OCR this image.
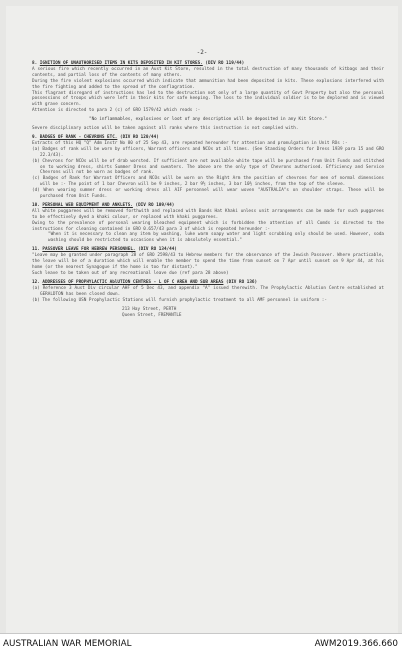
-2-
8. IGNITION OF UNAUTHORISED ITEMS IN KITS DEPOSITED IN KIT STORES. (DIV RO 119/44)

A serious fire which recently occurred in an Aust Kit Store, resulted in the total destruction of many thousands of kitbags and their contents, and partial loss of the contents of many others.

During the fire violent explosions occurred which indicate that ammunition had been deposited in kits. These explosions interfered with the fire fighting and added to the spread of the conflagration.

This flagrant disregard of instructions has led to the destruction not only of a large quantity of Govt Property but also the personal possessions of troops which were left in their kits for safe keeping. The loss to the individual soldier is to be deplored and is viewed with grave concern.

Attention is directed to para 2 (c) of GRO 1579/42 which reads :-

"No inflammables, explosives or loot of any description will be deposited in any Kit Store."

Severe disciplinary action will be taken against all ranks where this instruction is not complied with.

9. BADGES OF RANK - CHEVRONS ETC. (DIV RO 120/44)

Extracts of this HQ "Q" Adm Instr No 80 of 25 Sep 43, are repeated hereunder for attention and promulgation in Unit ROs :-

(a) Badges of rank will be worn by officers, Warrant officers and NCOs at all times. (See Standing Orders for Dress 1939 para 15 and GRO 22.3/43).

(b) Chevrons for NCOs will be of drab worsted. If sufficient are not available white tape will be purchased from Unit Funds and stitched on to working dress, shirts Summer Dress and sweaters. The above are the only type of Chevrons authorised. Efficiency and Service Chevrons will not be worn as badges of rank.

(c) Badges of Rank for Warrant Officers and NCOs will be worn on the Right Arm the position of chevrons for men of normal dimensions will be :- The point of 1 bar Chevron will be 9 inches, 2 bar 9½ inches, 3 bar 10½ inches, from the top of the sleeve.

(d) When wearing summer dress or working dress all AIF personnel will wear woven "AUSTRALIA"s on shoulder straps. These will be purchased from Unit Funds.

10. PERSONAL WEB EQUIPMENT AND ANKLETS. (DIV RO 109/44)

All white puggarees will be removed forthwith and replaced with Bands Hat Khaki unless unit arrangements can be made for such puggarees to be effectively dyed a khaki colour, or replaced with khaki puggarees.

Owing to the prevalence of personal wearing bleached equipment which is forbidden the attention of all Comds is directed to the instructions for cleaning contained in GRO 0.657/43 para 3 of which is repeated hereunder :-

"When it is necessary to clean any item by washing, luke warm soapy water and light scrubbing only should be used. However, soda washing should be restricted to occasions when it is absolutely essential."

11. PASSOVER LEAVE FOR HEBREW PERSONNEL. (DIV RO 134/44)

"Leave may be granted under paragraph 28 of GRO 2598/43 to Hebrew members for the observance of the Jewish Passover. Where practicable, the leave will be of a duration which will enable the member to spend the time from sunset on 7 Apr until sunset on 9 Apr 44, at his home (or the nearest Synagogue if the home is too far distant)."

Such leave to be taken out of any recreational leave due (ref para 28 above)

12. ADDRESSES OF PROPHYLACTIC AblUTION CENTRES - L OF C AREA AND SUB AREAS (DIV RO 136)

(a) Reference 3 Aust Div circular AHF of 5 Dec 43, and appendix "A" issued therewith. The Prophylactic Ablution Centre established at GERALDTON has been closed down.

(b) The following USN Prophylactic Stations will furnish prophylactic treatment to all AMF personnel in uniform :-

213 Hay Street, PERTH
Queen Street, FREMANTLE
AUSTRALIAN WAR MEMORIAL	AWM2019.366.660
